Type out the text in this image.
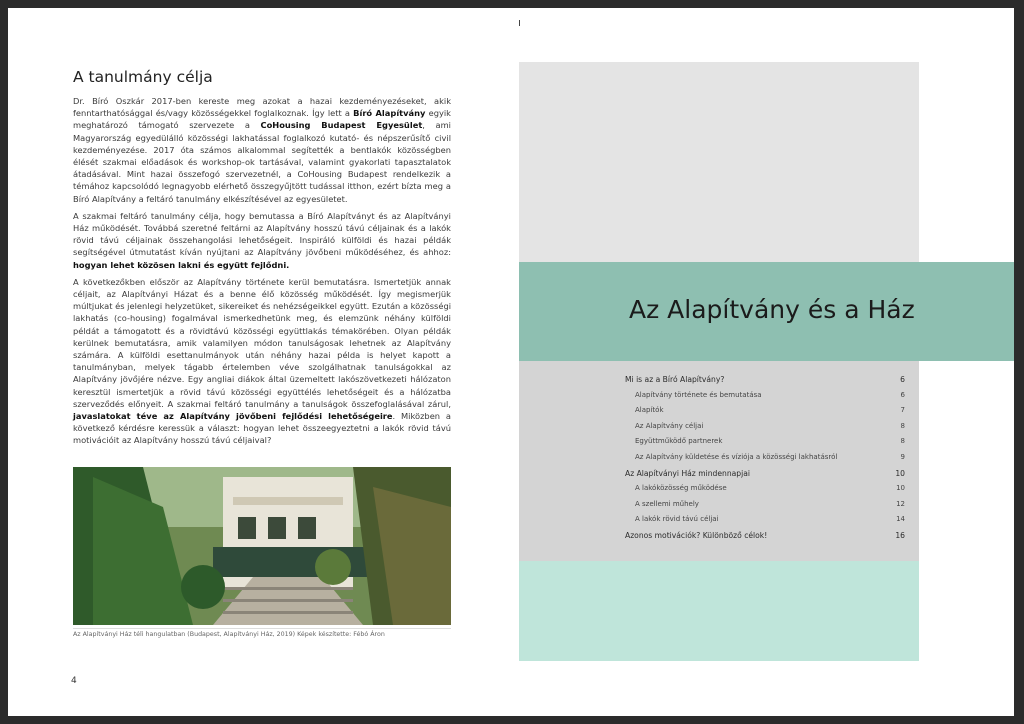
A tanulmány célja

Dr. Bíró Oszkár 2017-ben kereste meg azokat a hazai kezdeményezéseket, akik fenntarthatósággal és/vagy közösségekkel foglalkoznak. Így lett a Bíró Alapítvány egyik meghatározó támogató szervezete a CoHousing Budapest Egyesület, ami Magyarország egyedülálló közösségi lakhatással foglalkozó kutató- és népszerűsítő civil kezdeményezése. 2017 óta számos alkalommal segítették a bentlakók közösségben élését szakmai előadások és workshop-ok tartásával, valamint gyakorlati tapasztalatok átadásával. Mint hazai összefogó szervezetnél, a CoHousing Budapest rendelkezik a témához kapcsolódó legnagyobb elérhető összegyűjtött tudással itthon, ezért bízta meg a Bíró Alapítvány a feltáró tanulmány elkészítésével az egyesületet.

A szakmai feltáró tanulmány célja, hogy bemutassa a Bíró Alapítványt és az Alapítványi Ház működését. Továbbá szeretné feltárni az Alapítvány hosszú távú céljainak és a lakók rövid távú céljainak összehangolási lehetőségeit. Inspiráló külföldi és hazai példák segítségével útmutatást kíván nyújtani az Alapítvány jövőbeni működéséhez, és ahhoz: hogyan lehet közösen lakni és együtt fejlődni.

A következőkben először az Alapítvány története kerül bemutatásra. Ismertetjük annak céljait, az Alapítványi Házat és a benne élő közösség működését. Így megismerjük múltjukat és jelenlegi helyzetüket, sikereiket és nehézségeikkel együtt. Ezután a közösségi lakhatás (co-housing) fogalmával ismerkedhetünk meg, és elemzünk néhány külföldi példát a támogatott és a rövidtávú közösségi együttlakás témakörében. Olyan példák kerülnek bemutatásra, amik valamilyen módon tanulságosak lehetnek az Alapítvány számára. A külföldi esettanulmányok után néhány hazai példa is helyet kapott a tanulmányban, melyek tágabb értelemben véve szolgálhatnak tanulságokkal az Alapítvány jövőjére nézve. Egy angliai diákok által üzemeltett lakószövetkezeti hálózaton keresztül ismertetjük a rövid távú közösségi együttélés lehetőségeit és a hálózatba szerveződés előnyeit. A szakmai feltáró tanulmány a tanulságok összefoglalásával zárul, javaslatokat téve az Alapítvány jövőbeni fejlődési lehetőségeire. Miközben a következő kérdésre keressük a választ: hogyan lehet összeegyeztetni a lakók rövid távú motivációit az Alapítvány hosszú távú céljaival?

Az Alapítványi Ház télì hangulatban (Budapest, Alapítványi Ház, 2019) Képek készítette: Fébó Áron
4
Az Alapítvány és a Ház
Mi is az a Bíró Alapítvány?	6
Alapítvány története és bemutatása	6
Alapítók	7
Az Alapítvány céljai	8
Együttműködő partnerek	8
Az Alapítvány küldetése és víziója a közösségi lakhatásról	9
Az Alapítványi Ház mindennapjai	10
A lakóközösség működése	10
A szellemi műhely	12
A lakók rövid távú céljai	14
Azonos motivációk? Különböző célok!	16
